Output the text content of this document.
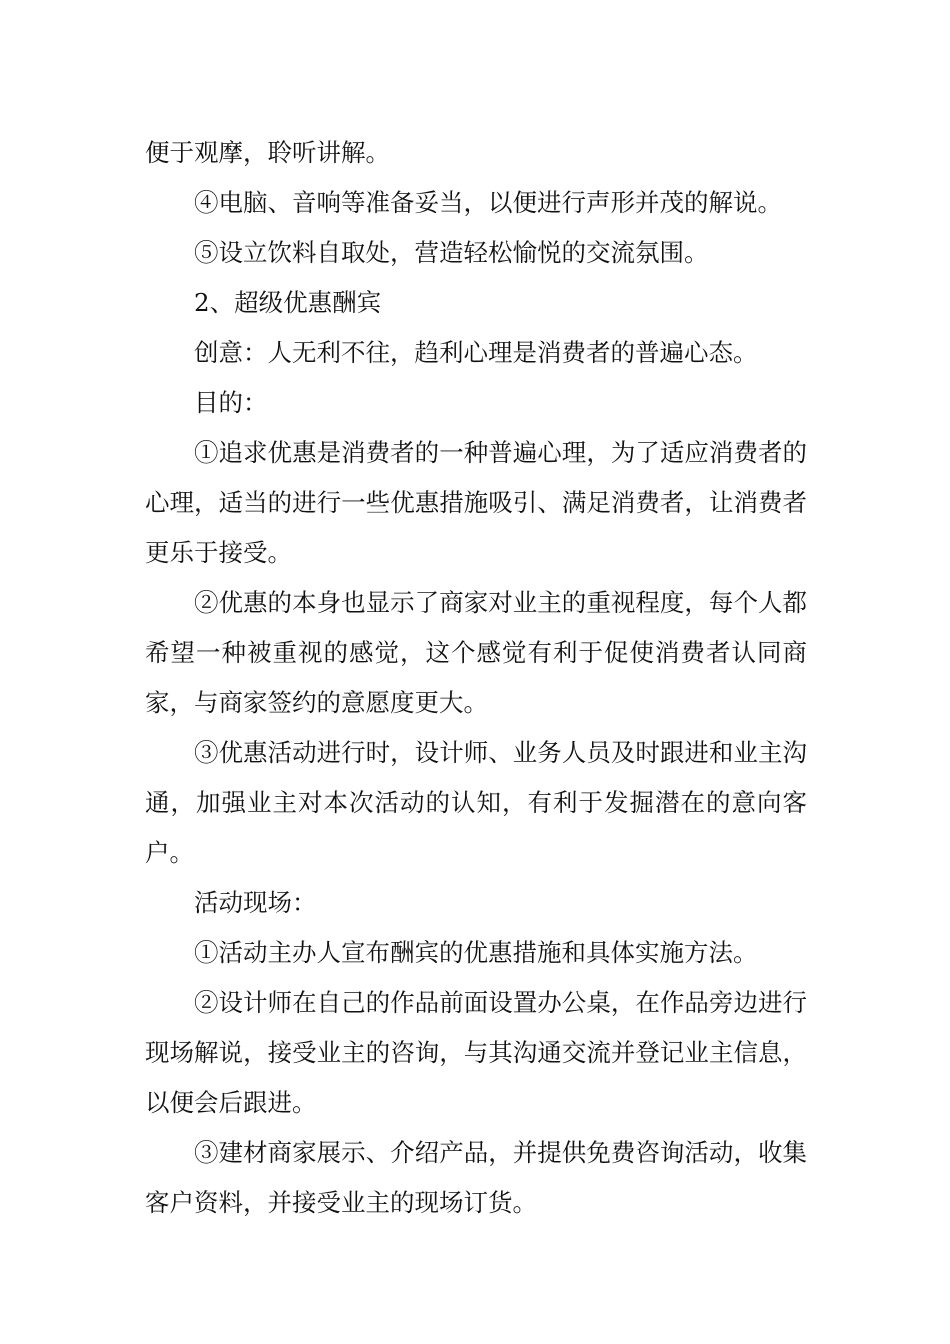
便于观摩，聆听讲解。

④电脑、音响等准备妥当，以便进行声形并茂的解说。

⑤设立饮料自取处，营造轻松愉悦的交流氛围。

2、超级优惠酬宾

创意：人无利不往，趋利心理是消费者的普遍心态。

目的：

①追求优惠是消费者的一种普遍心理，为了适应消费者的心理，适当的进行一些优惠措施吸引、满足消费者，让消费者更乐于接受。

②优惠的本身也显示了商家对业主的重视程度，每个人都希望一种被重视的感觉，这个感觉有利于促使消费者认同商家，与商家签约的意愿度更大。

③优惠活动进行时，设计师、业务人员及时跟进和业主沟通，加强业主对本次活动的认知，有利于发掘潜在的意向客户。

活动现场：

①活动主办人宣布酬宾的优惠措施和具体实施方法。

②设计师在自己的作品前面设置办公桌，在作品旁边进行现场解说，接受业主的咨询，与其沟通交流并登记业主信息，以便会后跟进。

③建材商家展示、介绍产品，并提供免费咨询活动，收集客户资料，并接受业主的现场订货。
